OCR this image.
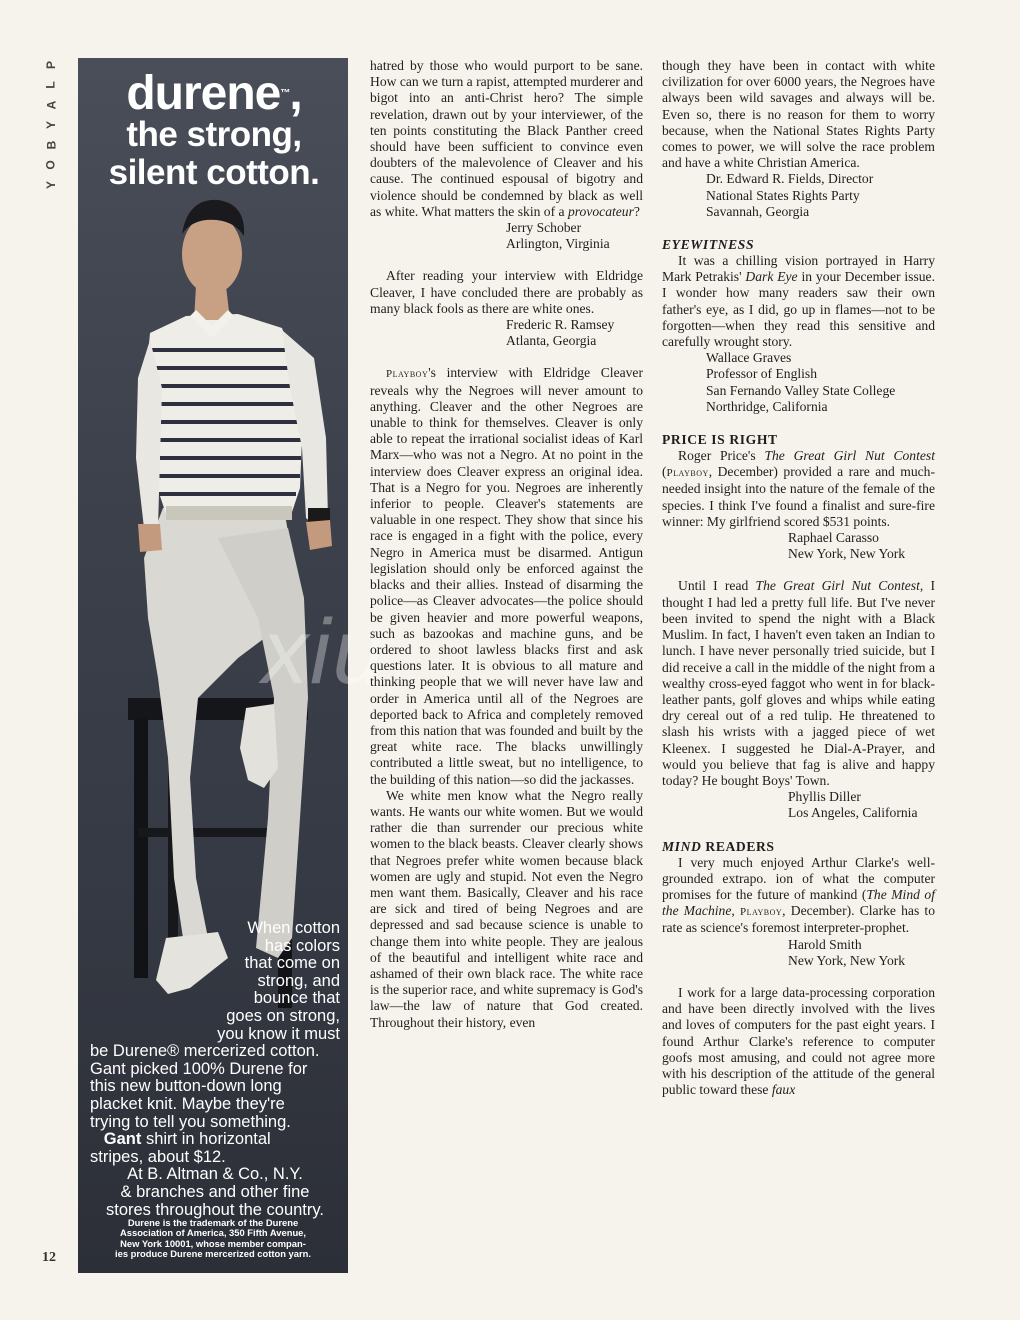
P
L
A
Y
B
O
Y
12
durene™,
the strong,
silent cotton.
When cotton
has colors
that come on
strong, and
bounce that
goes on strong,
you know it must
be Durene® mercerized cotton.
Gant picked 100% Durene for
this new button-down long
placket knit. Maybe they're
trying to tell you something.
Gant shirt in horizontal
stripes, about $12.
At B. Altman & Co., N.Y.
& branches and other fine
stores throughout the country.
Durene is the trademark of the Durene
Association of America, 350 Fifth Avenue,
New York 10001, whose member compan-
ies produce Durene mercerized cotton yarn.
xiu

hatred by those who would purport to be sane. How can we turn a rapist, attempted murderer and bigot into an anti-Christ hero? The simple revelation, drawn out by your interviewer, of the ten points constituting the Black Panther creed should have been sufficient to convince even doubters of the malevolence of Cleaver and his cause. The continued espousal of bigotry and violence should be condemned by black as well as white. What matters the skin of a provocateur?

Jerry Schober
Arlington, Virginia

After reading your interview with Eldridge Cleaver, I have concluded there are probably as many black fools as there are white ones.

Frederic R. Ramsey
Atlanta, Georgia

Playboy's interview with Eldridge Cleaver reveals why the Negroes will never amount to anything. Cleaver and the other Negroes are unable to think for themselves. Cleaver is only able to repeat the irrational socialist ideas of Karl Marx—who was not a Negro. At no point in the interview does Cleaver express an original idea. That is a Negro for you. Negroes are inherently inferior to people. Cleaver's statements are valuable in one respect. They show that since his race is engaged in a fight with the police, every Negro in America must be disarmed. Antigun legislation should only be enforced against the blacks and their allies. Instead of disarming the police—as Cleaver advocates—the police should be given heavier and more powerful weapons, such as bazookas and machine guns, and be ordered to shoot lawless blacks first and ask questions later. It is obvious to all mature and thinking people that we will never have law and order in America until all of the Negroes are deported back to Africa and completely removed from this nation that was founded and built by the great white race. The blacks unwillingly contributed a little sweat, but no intelligence, to the building of this nation—so did the jackasses.

We white men know what the Negro really wants. He wants our white women. But we would rather die than surrender our precious white women to the black beasts. Cleaver clearly shows that Negroes prefer white women because black women are ugly and stupid. Not even the Negro men want them. Basically, Cleaver and his race are sick and tired of being Negroes and are depressed and sad because science is unable to change them into white people. They are jealous of the beautiful and intelligent white race and ashamed of their own black race. The white race is the superior race, and white supremacy is God's law—the law of nature that God created. Throughout their history, even

though they have been in contact with white civilization for over 6000 years, the Negroes have always been wild savages and always will be. Even so, there is no reason for them to worry because, when the National States Rights Party comes to power, we will solve the race problem and have a white Christian America.

Dr. Edward R. Fields, Director
National States Rights Party
Savannah, Georgia
EYEWITNESS

It was a chilling vision portrayed in Harry Mark Petrakis' Dark Eye in your December issue. I wonder how many readers saw their own father's eye, as I did, go up in flames—not to be forgotten—when they read this sensitive and carefully wrought story.

Wallace Graves
Professor of English
San Fernando Valley State College
Northridge, California
PRICE IS RIGHT

Roger Price's The Great Girl Nut Contest (Playboy, December) provided a rare and much-needed insight into the nature of the female of the species. I think I've found a finalist and sure-fire winner: My girlfriend scored $531 points.

Raphael Carasso
New York, New York

Until I read The Great Girl Nut Contest, I thought I had led a pretty full life. But I've never been invited to spend the night with a Black Muslim. In fact, I haven't even taken an Indian to lunch. I have never personally tried suicide, but I did receive a call in the middle of the night from a wealthy cross-eyed faggot who went in for black-leather pants, golf gloves and whips while eating dry cereal out of a red tulip. He threatened to slash his wrists with a jagged piece of wet Kleenex. I suggested he Dial-A-Prayer, and would you believe that fag is alive and happy today? He bought Boys' Town.

Phyllis Diller
Los Angeles, California
MIND READERS

I very much enjoyed Arthur Clarke's well-grounded extrapo. ion of what the computer promises for the future of mankind (The Mind of the Machine, Playboy, December). Clarke has to rate as science's foremost interpreter-prophet.

Harold Smith
New York, New York

I work for a large data-processing corporation and have been directly involved with the lives and loves of computers for the past eight years. I found Arthur Clarke's reference to computer goofs most amusing, and could not agree more with his description of the attitude of the general public toward these faux
